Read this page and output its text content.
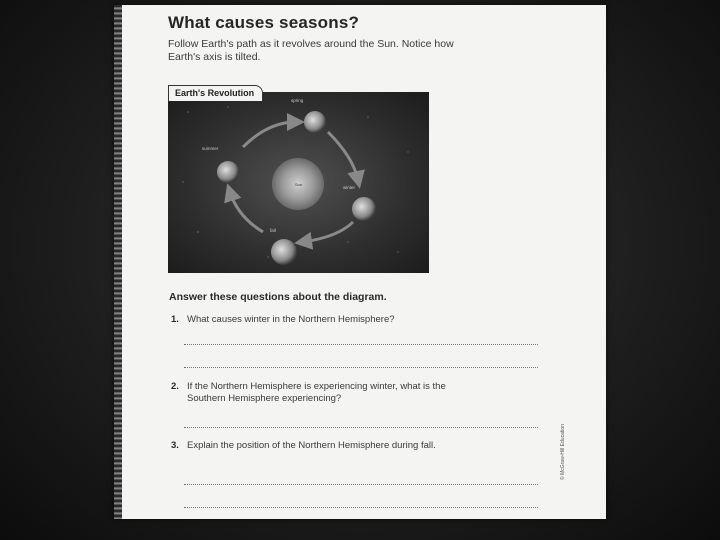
What causes seasons?
Follow Earth's path as it revolves around the Sun. Notice how Earth's axis is tilted.
Sun
spring
summer
winter
fall
Earth's Revolution
Answer these questions about the diagram.
1. What causes winter in the Northern Hemisphere?
2. If the Northern Hemisphere is experiencing winter, what is the Southern Hemisphere experiencing?
3. Explain the position of the Northern Hemisphere during fall.	© McGraw-Hill Education
